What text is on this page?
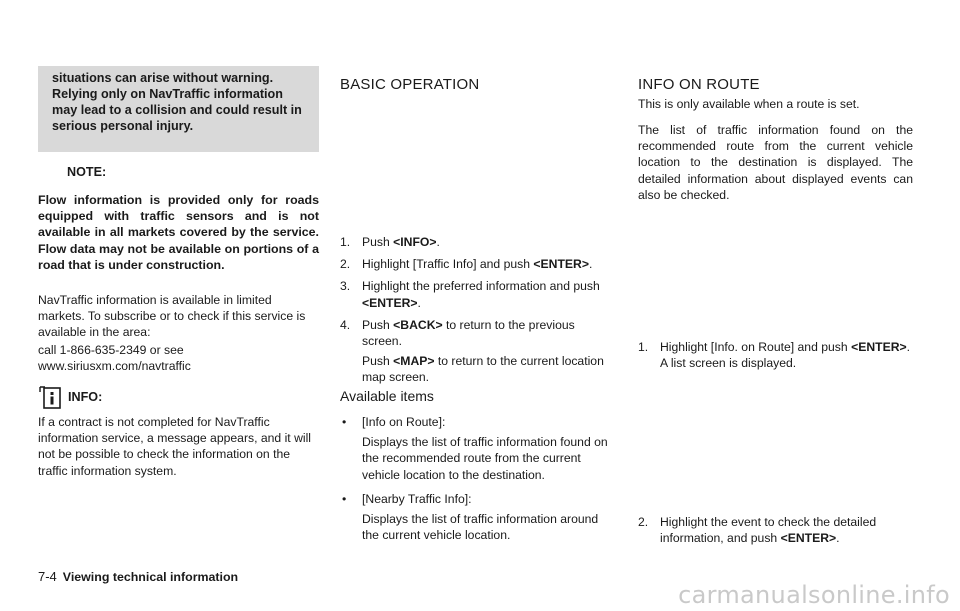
situations can arise without warning. Relying only on NavTraffic information may lead to a collision and could result in serious personal injury.

NOTE:

Flow information is provided only for roads equipped with traffic sensors and is not available in all markets covered by the service. Flow data may not be available on portions of a road that is under construction.

NavTraffic information is available in limited markets. To subscribe or to check if this service is available in the area:

call 1-866-635-2349 or see www.siriusxm.com/navtraffic

INFO:

If a contract is not completed for NavTraffic information service, a message appears, and it will not be possible to check the information on the traffic information system.

BASIC OPERATION
1. Push <INFO>.
2. Highlight [Traffic Info] and push <ENTER>.
3. Highlight the preferred information and push <ENTER>.
4. Push <BACK> to return to the previous screen.

Push <MAP> to return to the current location map screen.

Available items
• [Info on Route]:
Displays the list of traffic information found on the recommended route from the current vehicle location to the destination.
• [Nearby Traffic Info]:
Displays the list of traffic information around the current vehicle location.
INFO ON ROUTE

This is only available when a route is set.

The list of traffic information found on the recommended route from the current vehicle location to the destination is displayed. The detailed information about displayed events can also be checked.

1. Highlight [Info. on Route] and push <ENTER>. A list screen is displayed.
2. Highlight the event to check the detailed information, and push <ENTER>.

7-4 Viewing technical information

carmanualsonline.info
